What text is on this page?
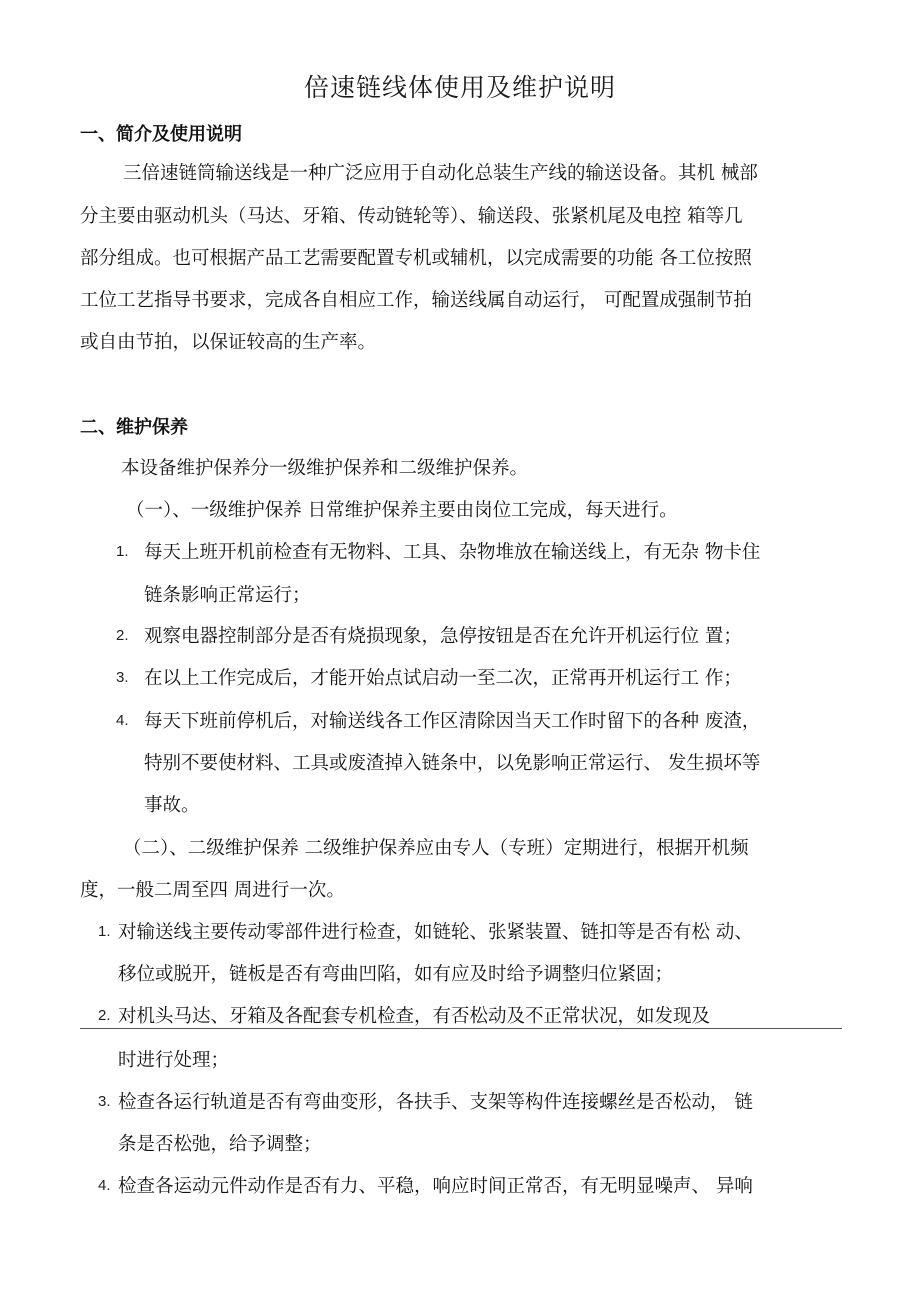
倍速链线体使用及维护说明
一、简介及使用说明
三倍速链筒输送线是一种广泛应用于自动化总装生产线的输送设备。其机 械部
分主要由驱动机头（马达、牙箱、传动链轮等）、输送段、张紧机尾及电控 箱等几
部分组成。也可根据产品工艺需要配置专机或辅机，以完成需要的功能 各工位按照
工位工艺指导书要求，完成各自相应工作，输送线属自动运行， 可配置成强制节拍
或自由节拍，以保证较高的生产率。
二、维护保养
本设备维护保养分一级维护保养和二级维护保养。
（一）、一级维护保养 日常维护保养主要由岗位工完成，每天进行。
1. 每天上班开机前检查有无物料、工具、杂物堆放在输送线上，有无杂 物卡住
链条影响正常运行；
2. 观察电器控制部分是否有烧损现象，急停按钮是否在允许开机运行位 置；
3. 在以上工作完成后，才能开始点试启动一至二次，正常再开机运行工 作；
4. 每天下班前停机后，对输送线各工作区清除因当天工作时留下的各种 废渣，
特别不要使材料、工具或废渣掉入链条中，以免影响正常运行、 发生损坏等
事故。
（二）、二级维护保养 二级维护保养应由专人（专班）定期进行，根据开机频
度，一般二周至四 周进行一次。
1. 对输送线主要传动零部件进行检查，如链轮、张紧装置、链扣等是否有松 动、
移位或脱开，链板是否有弯曲凹陷，如有应及时给予调整归位紧固；
2. 对机头马达、牙箱及各配套专机检查，有否松动及不正常状况，如发现及
时进行处理；
3. 检查各运行轨道是否有弯曲变形，各扶手、支架等构件连接螺丝是否松动， 链
条是否松弛，给予调整；
4. 检查各运动元件动作是否有力、平稳，响应时间正常否，有无明显噪声、 异响
